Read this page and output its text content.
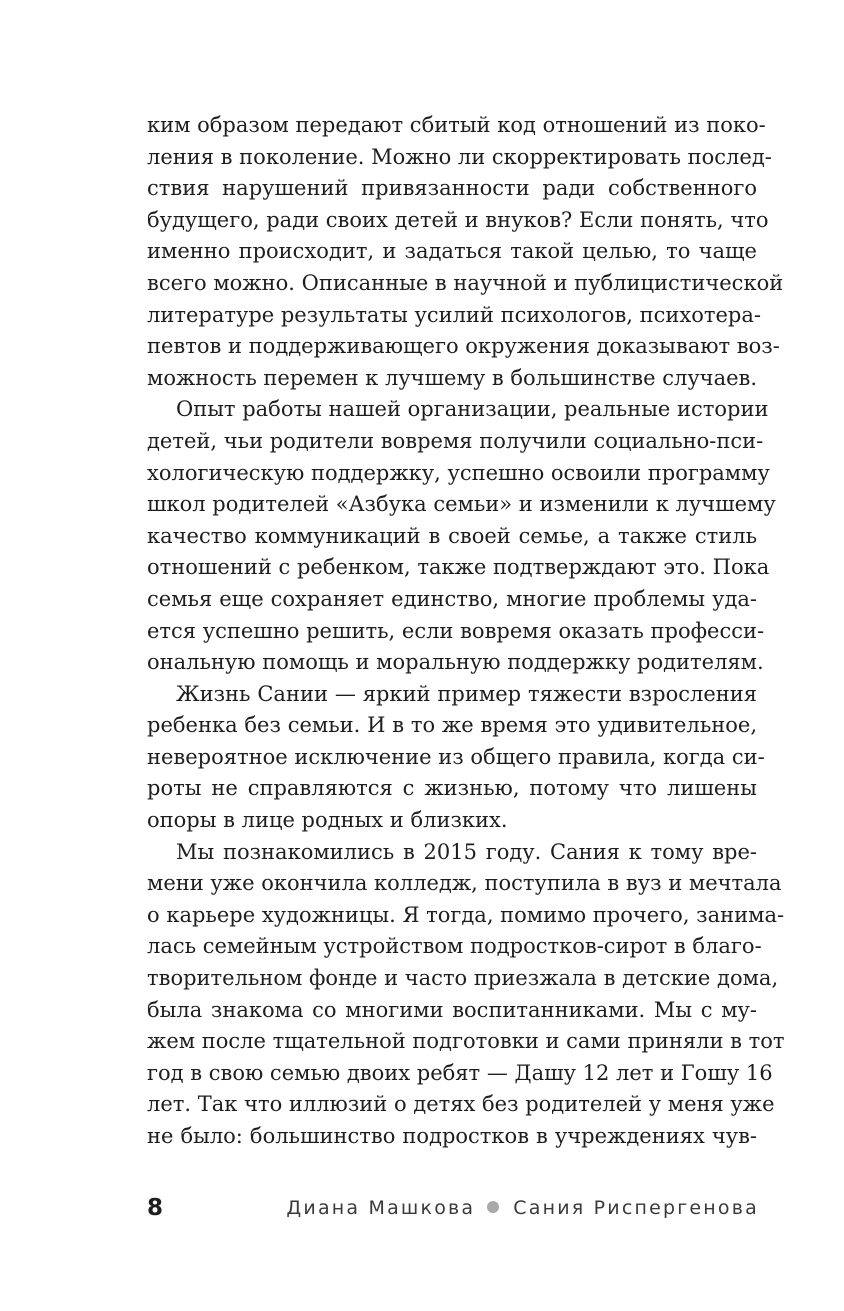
ким образом передают сбитый код отношений из поко-
ления в поколение. Можно ли скорректировать послед-
ствия нарушений привязанности ради собственного
будущего, ради своих детей и внуков? Если понять, что
именно происходит, и задаться такой целью, то чаще
всего можно. Описанные в научной и публицистической
литературе результаты усилий психологов, психотера-
певтов и поддерживающего окружения доказывают воз-
можность перемен к лучшему в большинстве случаев.
Опыт работы нашей организации, реальные истории
детей, чьи родители вовремя получили социально-пси-
хологическую поддержку, успешно освоили программу
школ родителей «Азбука семьи» и изменили к лучшему
качество коммуникаций в своей семье, а также стиль
отношений с ребенком, также подтверждают это. Пока
семья еще сохраняет единство, многие проблемы уда-
ется успешно решить, если вовремя оказать професси-
ональную помощь и моральную поддержку родителям.
Жизнь Сании — яркий пример тяжести взросления
ребенка без семьи. И в то же время это удивительное,
невероятное исключение из общего правила, когда си-
роты не справляются с жизнью, потому что лишены
опоры в лице родных и близких.
Мы познакомились в 2015 году. Сания к тому вре-
мени уже окончила колледж, поступила в вуз и мечтала
о карьере художницы. Я тогда, помимо прочего, занима-
лась семейным устройством подростков-сирот в благо-
творительном фонде и часто приезжала в детские дома,
была знакома со многими воспитанниками. Мы с му-
жем после тщательной подготовки и сами приняли в тот
год в свою семью двоих ребят — Дашу 12 лет и Гошу 16
лет. Так что иллюзий о детях без родителей у меня уже
не было: большинство подростков в учреждениях чув-
8	Диана Машкова Сания Риспергенова
